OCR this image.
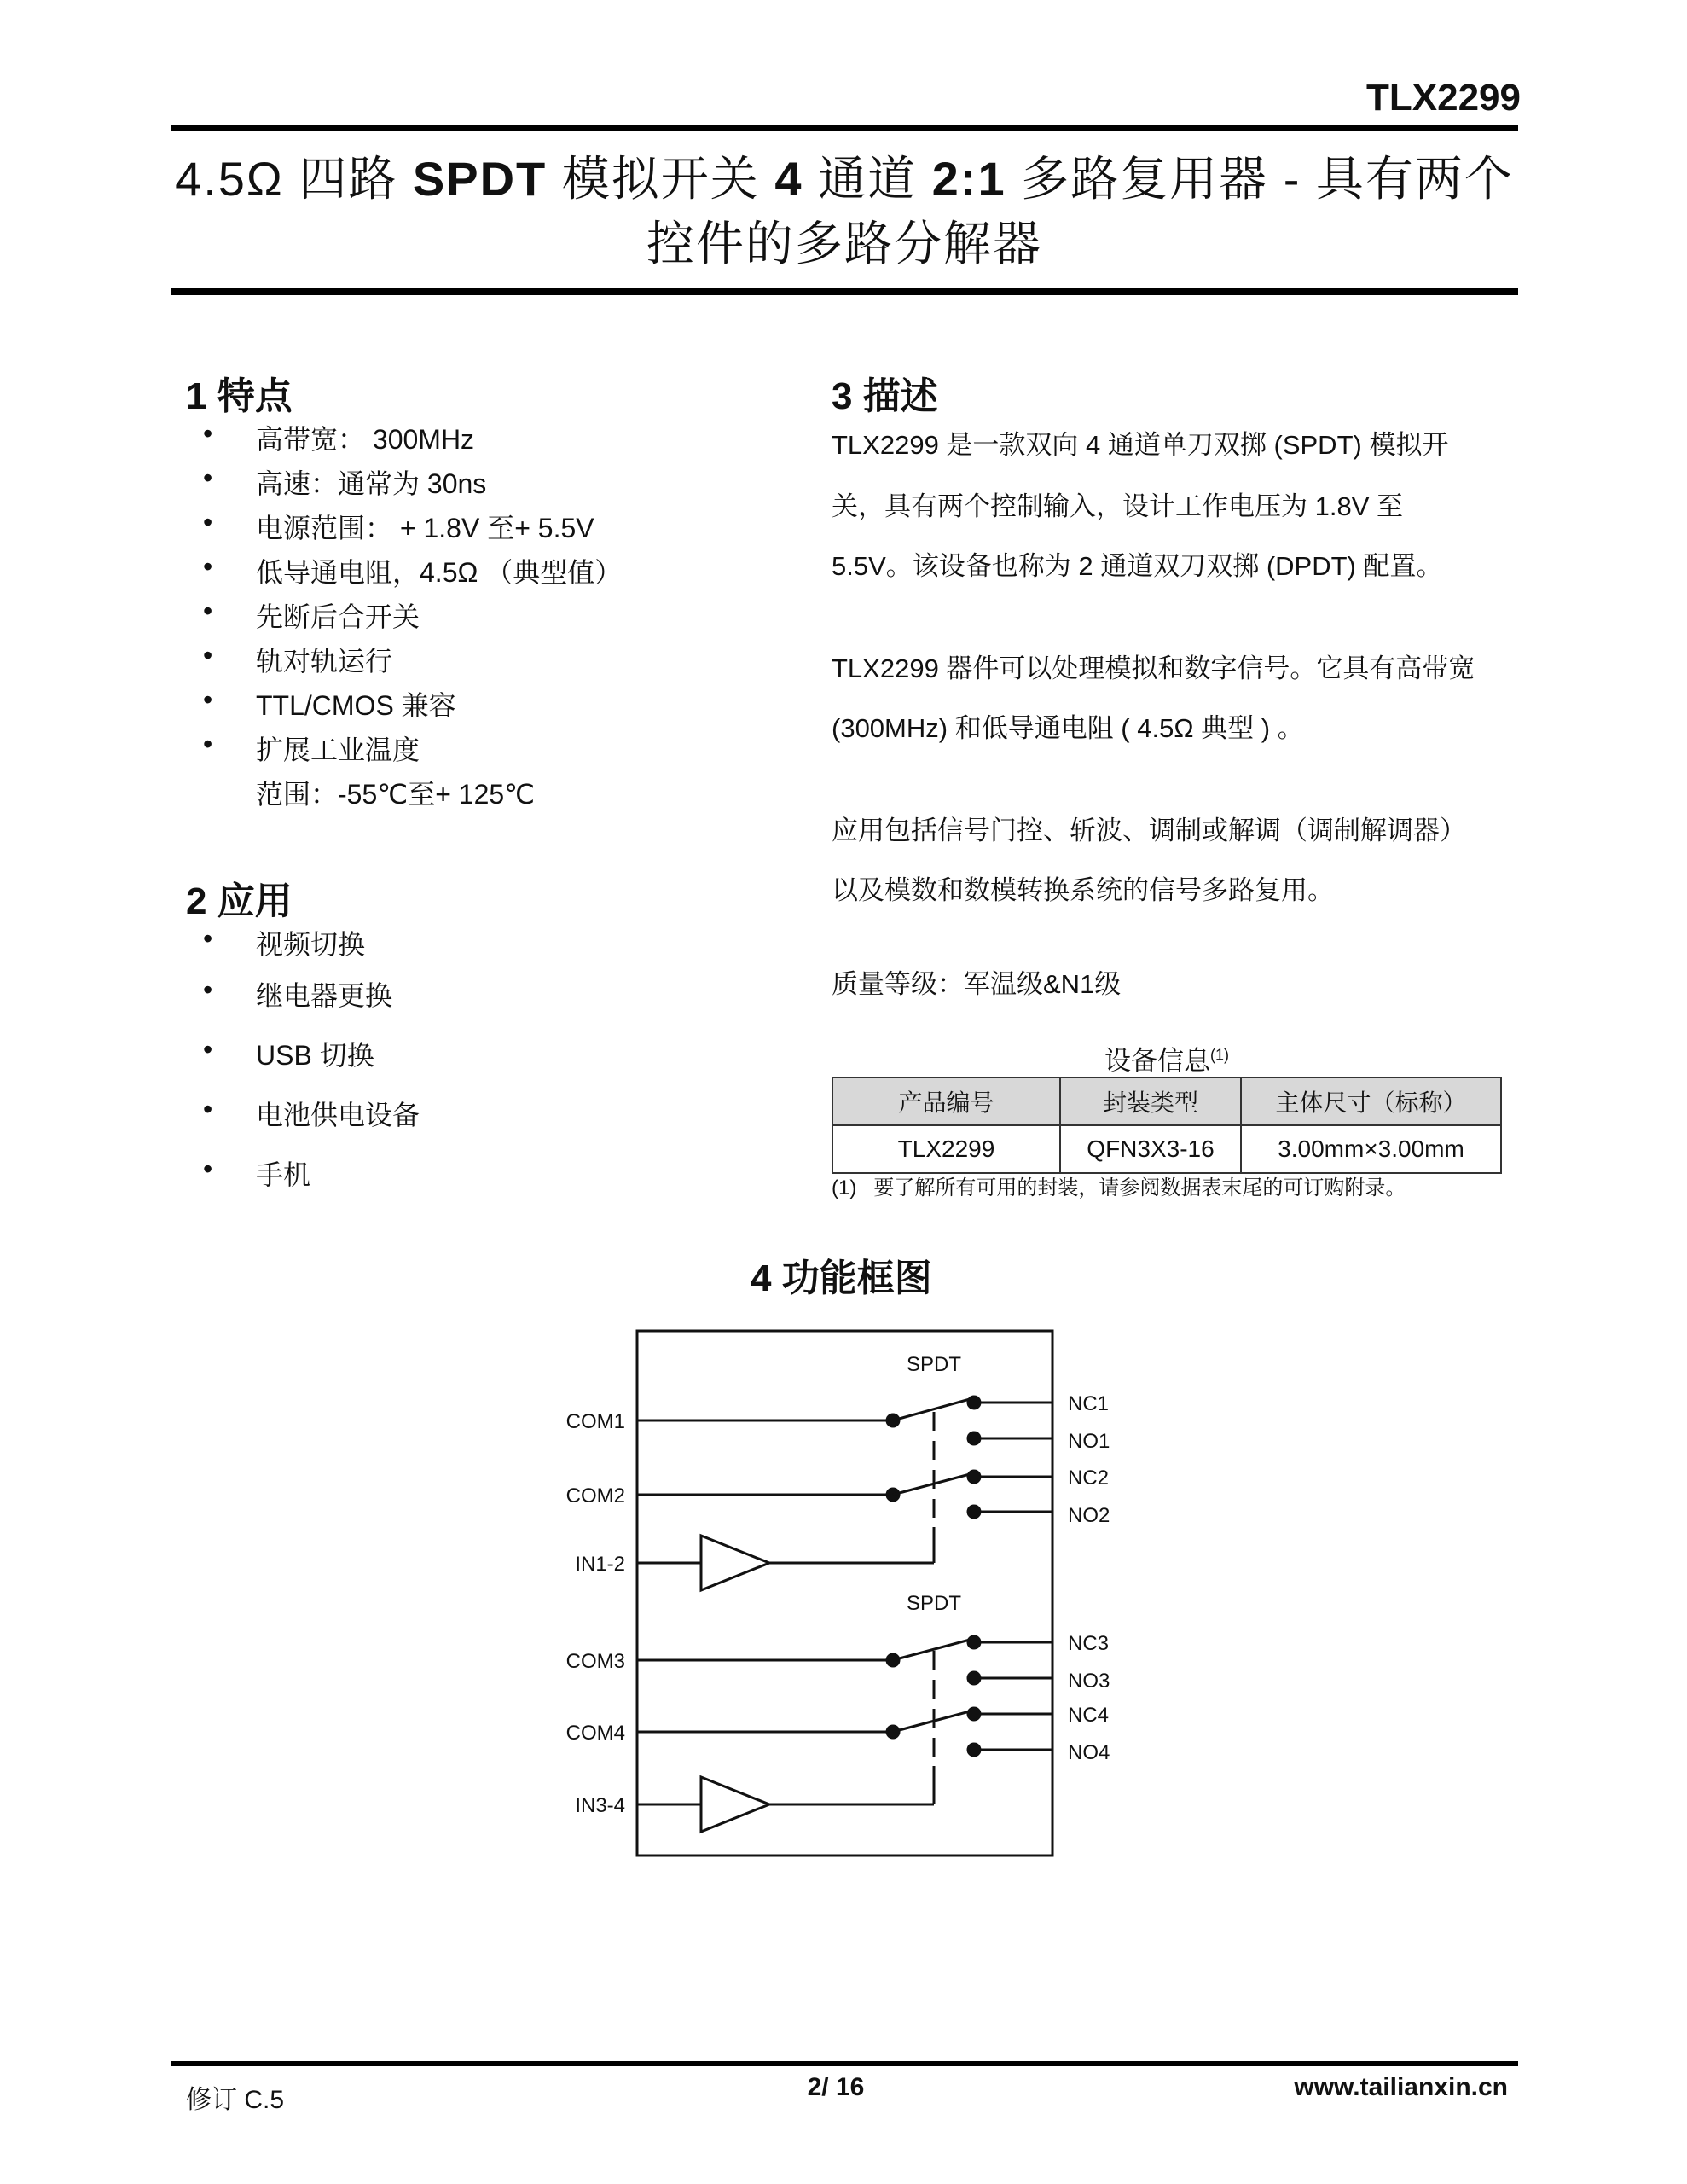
TLX2299
4.5Ω 四路 SPDT 模拟开关 4 通道 2:1 多路复用器 - 具有两个
控件的多路分解器
1 特点
• 高带宽： 300MHz
• 高速：通常为 30ns
• 电源范围： + 1.8V 至+ 5.5V
• 低导通电阻，4.5Ω （典型值）
• 先断后合开关
• 轨对轨运行
• TTL/CMOS 兼容
• 扩展工业温度
范围：-55℃至+ 125℃
2 应用
• 视频切换
• 继电器更换
• USB 切换
• 电池供电设备
• 手机
3 描述
TLX2299 是一款双向 4 通道单刀双掷 (SPDT) 模拟开
关，具有两个控制输入，设计工作电压为 1.8V 至
5.5V。该设备也称为 2 通道双刀双掷 (DPDT) 配置。
TLX2299 器件可以处理模拟和数字信号。它具有高带宽
(300MHz) 和低导通电阻 ( 4.5Ω 典型 ) 。
应用包括信号门控、斩波、调制或解调（调制解调器）
以及模数和数模转换系统的信号多路复用。
质量等级：军温级&N1级
设备信息$^{(1)}$
产品编号	封装类型	主体尺寸（标称）
TLX2299	QFN3X3-16	3.00mm×3.00mm
(1) 要了解所有可用的封装，请参阅数据表末尾的可订购附录。
4 功能框图
SPDT
SPDT
COM1
COM2
IN1-2
COM3
COM4
IN3-4
NC1
NO1
NC2
NO2
NC3
NO3
NC4
NO4
修订 C.5	2/ 16	www.tailianxin.cn
